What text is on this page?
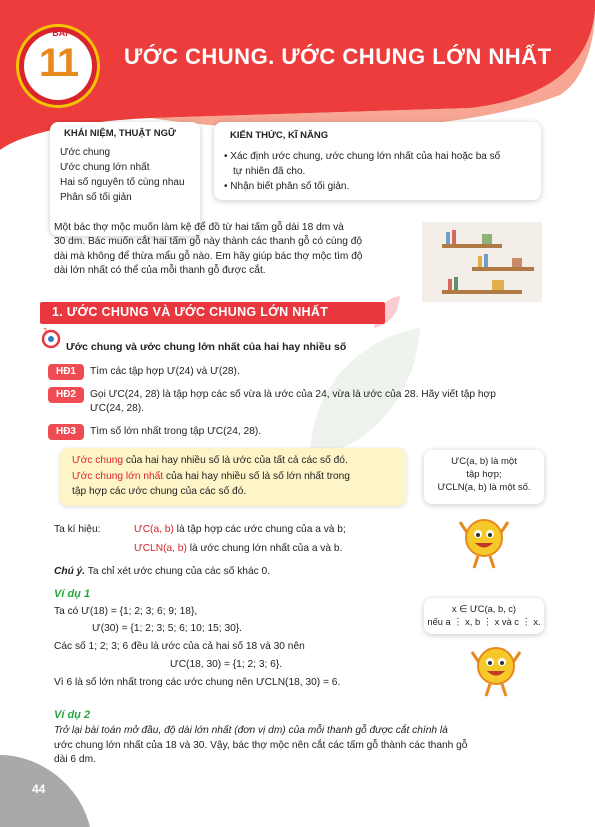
BÀI
11	ƯỚC CHUNG. ƯỚC CHUNG LỚN NHẤT
KHÁI NIỆM, THUẬT NGỮ
Ước chung
Ước chung lớn nhất
Hai số nguyên tố cùng nhau
Phân số tối giản
KIẾN THỨC, KĨ NĂNG
• Xác định ước chung, ước chung lớn nhất của hai hoặc ba số
tự nhiên đã cho.
• Nhận biết phân số tối giản.
Một bác thợ mộc muốn làm kệ để đồ từ hai tấm gỗ dài 18 dm và
30 dm. Bác muốn cắt hai tấm gỗ này thành các thanh gỗ có cùng độ
dài mà không để thừa mẩu gỗ nào. Em hãy giúp bác thợ mộc tìm độ
dài lớn nhất có thể của mỗi thanh gỗ được cắt.
1. ƯỚC CHUNG VÀ ƯỚC CHUNG LỚN NHẤT
?
Ước chung và ước chung lớn nhất của hai hay nhiều số
HĐ1	Tìm các tập hợp Ư(24) và Ư(28).
HĐ2	Gọi ƯC(24, 28) là tập hợp các số vừa là ước của 24, vừa là ước của 28. Hãy viết tập hợp
ƯC(24, 28).
HĐ3	Tìm số lớn nhất trong tập ƯC(24, 28).
Ước chung của hai hay nhiều số là ước của tất cả các số đó.
Ước chung lớn nhất của hai hay nhiều số là số lớn nhất trong
tập hợp các ước chung của các số đó.
ƯC(a, b) là một
tập hợp;
ƯCLN(a, b) là một số.
Ta kí hiệu:	ƯC(a, b) là tập hợp các ước chung của a và b;
ƯCLN(a, b) là ước chung lớn nhất của a và b.
Chú ý. Ta chỉ xét ước chung của các số khác 0.
Ví dụ 1
Ta có Ư(18) = {1; 2; 3; 6; 9; 18},
Ư(30) = {1; 2; 3; 5; 6; 10; 15; 30}.
Các số 1; 2; 3; 6 đều là ước của cả hai số 18 và 30 nên
ƯC(18, 30) = {1; 2; 3; 6}.
Vì 6 là số lớn nhất trong các ước chung nên ƯCLN(18, 30) = 6.
x ∈ ƯC(a, b, c)
nếu a ⋮ x, b ⋮ x và c ⋮ x.
Ví dụ 2
Trở lại bài toán mở đầu, độ dài lớn nhất (đơn vị dm) của mỗi thanh gỗ được cắt chính là
ước chung lớn nhất của 18 và 30. Vậy, bác thợ mộc nên cắt các tấm gỗ thành các thanh gỗ
dài 6 dm.
44
